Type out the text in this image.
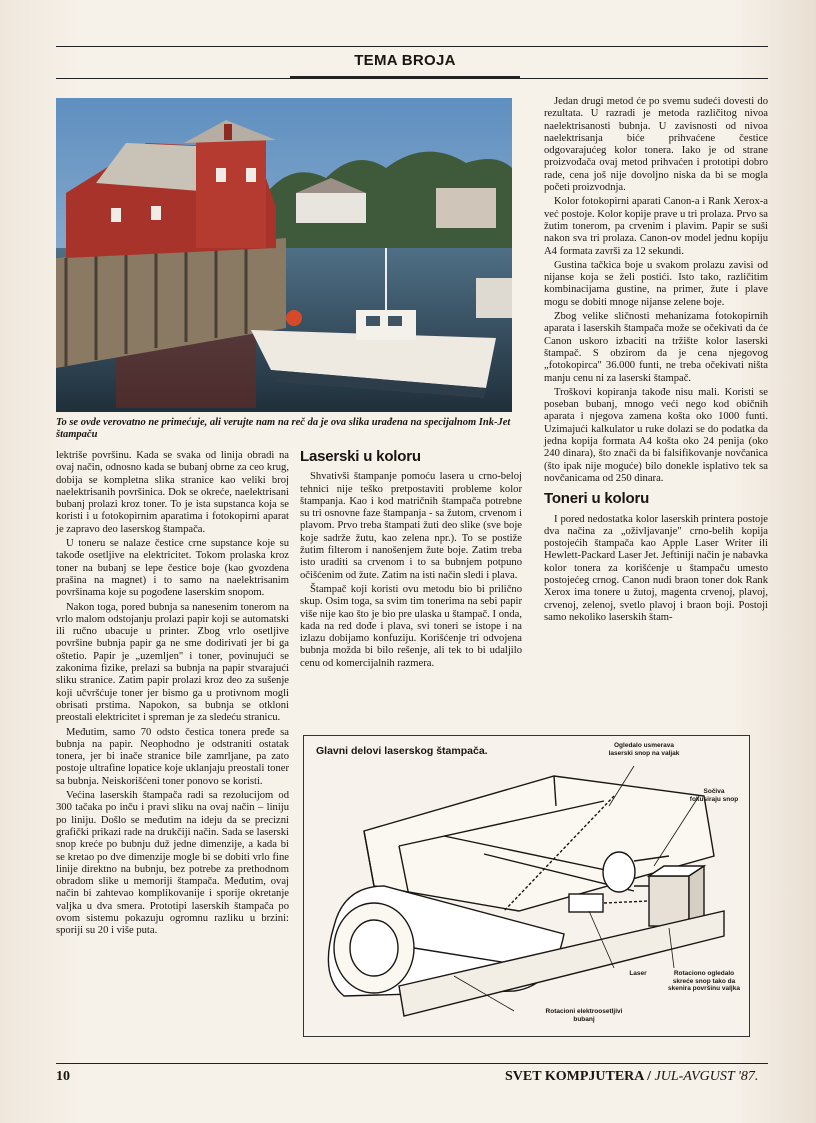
TEMA BROJA
To se ovde verovatno ne primećuje, ali verujte nam na reč da je ova slika urađena na specijalnom Ink-Jet štampaču

lektriše površinu. Kada se svaka od linija obradi na ovaj način, odnosno kada se bubanj obrne za ceo krug, dobija se kompletna slika stranice kao veliki broj naelektrisanih površinica. Dok se okreće, naelektrisani bubanj prolazi kroz toner. To je ista supstanca koja se koristi i u fotokopirnim aparatima i fotokopirni aparat je zapravo deo laserskog štampača.

U toneru se nalaze čestice crne supstance koje su takođe osetljive na elektricitet. Tokom prolaska kroz toner na bubanj se lepe čestice boje (kao gvozdena prašina na magnet) i to samo na naelektrisanim površinama koje su pogođene laserskim snopom.

Nakon toga, pored bubnja sa nanesenim tonerom na vrlo malom odstojanju prolazi papir koji se automatski ili ručno ubacuje u printer. Zbog vrlo osetljive površine bubnja papir ga ne sme dodirivati jer bi ga oštetio. Papir je „uzemljen" i toner, povinujući se zakonima fizike, prelazi sa bubnja na papir stvarajući sliku stranice. Zatim papir prolazi kroz deo za sušenje koji učvršćuje toner jer bismo ga u protivnom mogli obrisati prstima. Napokon, sa bubnja se otkloni preostali elektricitet i spreman je za sledeću stranicu.

Međutim, samo 70 odsto čestica tonera pređe sa bubnja na papir. Neophodno je odstraniti ostatak tonera, jer bi inače stranice bile zamrljane, pa zato postoje ultrafine lopatice koje uklanjaju preostali toner sa bubnja. Neiskorišćeni toner ponovo se koristi.

Većina laserskih štampača radi sa rezolucijom od 300 tačaka po inču i pravi sliku na ovaj način – liniju po liniju. Došlo se međutim na ideju da se precizni grafički prikazi rade na drukčiji način. Sada se laserski snop kreće po bubnju duž jedne dimenzije, a kada bi se kretao po dve dimenzije mogle bi se dobiti vrlo fine linije direktno na bubnju, bez potrebe za prethodnom obradom slike u memoriji štampača. Međutim, ovaj način bi zahtevao komplikovanije i sporije okretanje valjka u dva smera. Prototipi laserskih štampača po ovom sistemu pokazuju ogromnu razliku u brzini: sporiji su 20 i više puta.

Laserski u koloru

Shvativši štampanje pomoću lasera u crno-beloj tehnici nije teško pretpostaviti probleme kolor štampanja. Kao i kod matričnih štampača potrebne su tri osnovne faze štampanja - sa žutom, crvenom i plavom. Prvo treba štampati žuti deo slike (sve boje koje sadrže žutu, kao zelena npr.). To se postiže žutim filterom i nanošenjem žute boje. Zatim treba isto uraditi sa crvenom i to sa bubnjem potpuno očišćenim od žute. Zatim na isti način sledi i plava.

Štampač koji koristi ovu metodu bio bi prilično skup. Osim toga, sa svim tim tonerima na sebi papir više nije kao što je bio pre ulaska u štampač. I onda, kada na red dođe i plava, svi toneri se istope i na izlazu dobijamo konfuziju. Korišćenje tri odvojena bubnja možda bi bilo rešenje, ali tek to bi udaljilo cenu od komercijalnih razmera.

Jedan drugi metod će po svemu sudeći dovesti do rezultata. U razradi je metoda različitog nivoa naelektrisanosti bubnja. U zavisnosti od nivoa naelektrisanja biće prihvaćene čestice odgovarajućeg kolor tonera. Iako je od strane proizvođača ovaj metod prihvaćen i prototipi dobro rade, cena još nije dovoljno niska da bi se mogla početi proizvodnja.

Kolor fotokopirni aparati Canon-a i Rank Xerox-a već postoje. Kolor kopije prave u tri prolaza. Prvo sa žutim tonerom, pa crvenim i plavim. Papir se suši nakon sva tri prolaza. Canon-ov model jednu kopiju A4 formata završi za 12 sekundi.

Gustina tačkica boje u svakom prolazu zavisi od nijanse koja se želi postići. Isto tako, različitim kombinacijama gustine, na primer, žute i plave mogu se dobiti mnoge nijanse zelene boje.

Zbog velike sličnosti mehanizama fotokopirnih aparata i laserskih štampača može se očekivati da će Canon uskoro izbaciti na tržište kolor laserski štampač. S obzirom da je cena njegovog „fotokopirca" 36.000 funti, ne treba očekivati ništa manju cenu ni za laserski štampač.

Troškovi kopiranja takođe nisu mali. Koristi se poseban bubanj, mnogo veći nego kod običnih aparata i njegova zamena košta oko 1000 funti. Uzimajući kalkulator u ruke dolazi se do podatka da jedna kopija formata A4 košta oko 24 penija (oko 240 dinara), što znači da bi falsifikovanje novčanica (što ipak nije moguće) bilo donekle isplativo tek sa novčanicama od 250 dinara.

Toneri u koloru

I pored nedostatka kolor laserskih printera postoje dva načina za „oživljavanje" crno-belih kopija postojećih štampača kao Apple Laser Writer ili Hewlett-Packard Laser Jet. Jeftiniji način je nabavka kolor tonera za korišćenje u štampaču umesto postojećeg crnog. Canon nudi braon toner dok Rank Xerox ima tonere u žutoj, magenta crvenoj, plavoj, crvenoj, zelenoj, svetlo plavoj i braon boji. Postoji samo nekoliko laserskih štam-

Glavni delovi laserskog štampača.	Ogledalo usmerava laserski snop na valjak
Sočiva fokusiraju snop
Laser	Rotaciono ogledalo skreće snop tako da skenira površinu valjka
Rotacioni elektroosetljivi bubanj
10	SVET KOMPJUTERA / JUL-AVGUST '87.
